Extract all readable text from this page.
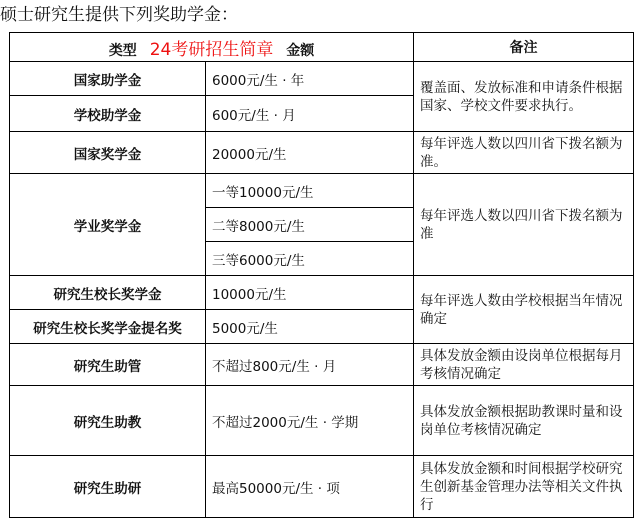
硕士研究生提供下列奖助学金：
类型 24考研招生简章 金额		备注
国家助学金	6000元/生 · 年	覆盖面、发放标准和申请条件根据国家、学校文件要求执行。
学校助学金	600元/生 · 月	
国家奖学金	20000元/生	每年评选人数以四川省下拨名额为准。
学业奖学金	一等10000元/生	每年评选人数以四川省下拨名额为准
	二等8000元/生	
	三等6000元/生	
研究生校长奖学金	10000元/生	每年评选人数由学校根据当年情况确定
研究生校长奖学金提名奖	5000元/生	
研究生助管	不超过800元/生 · 月	具体发放金额由设岗单位根据每月考核情况确定
研究生助教	不超过2000元/生 · 学期	具体发放金额根据助教课时量和设岗单位考核情况确定
研究生助研	最高50000元/生 · 项	具体发放金额和时间根据学校研究生创新基金管理办法等相关文件执行
